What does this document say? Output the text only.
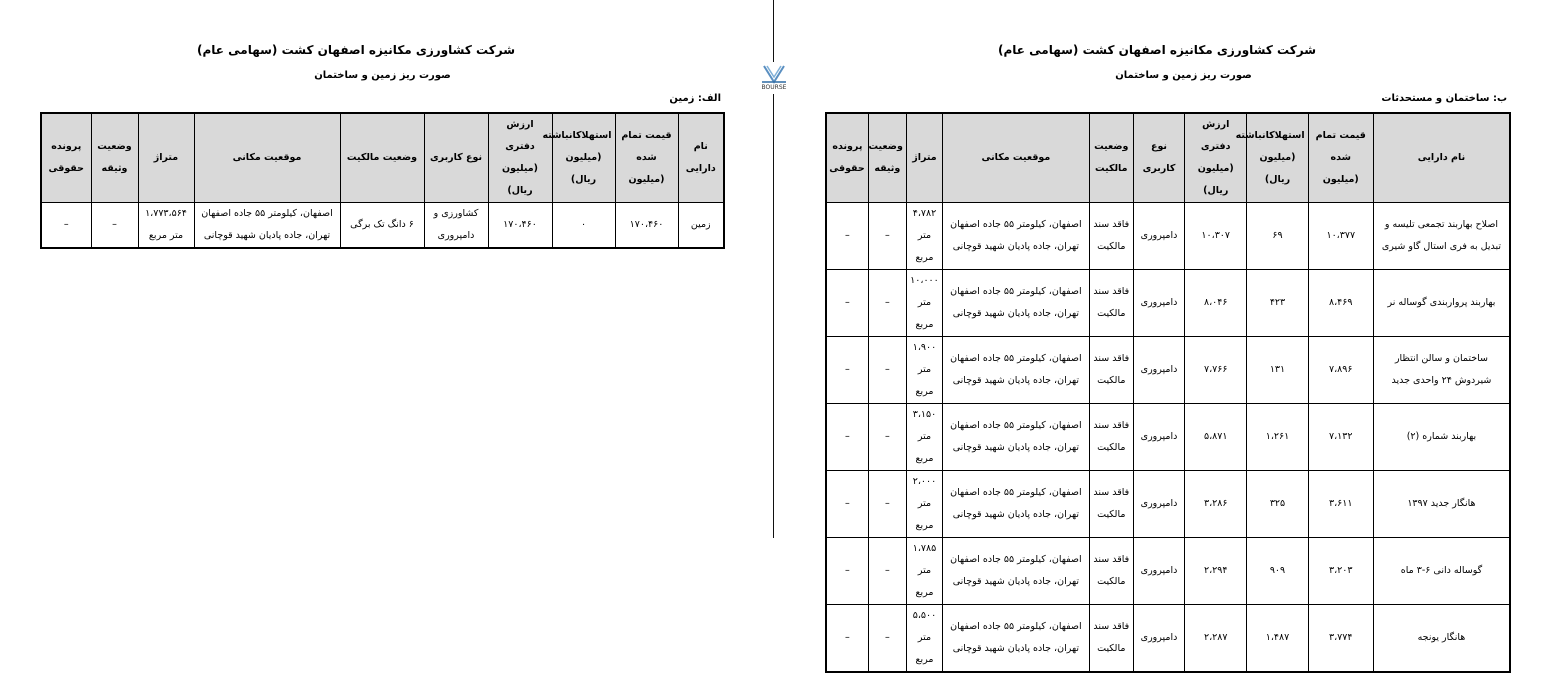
شرکت کشاورزی مکانیزه اصفهان کشت (سهامی عام)
صورت ریز زمین و ساختمان
الف: زمین
نام دارایی	قیمت تمام شده (میلیون	استهلاکانباشته (میلیون ریال)	ارزش دفتری (میلیون ریال)	نوع کاربری	وضعیت مالکیت	موقعیت مکانی	متراژ	وضعیت وثیقه	پرونده حقوقی
زمین	۱۷۰،۴۶۰	۰	۱۷۰،۴۶۰	کشاورزی و دامپروری	۶ دانگ تک برگی	اصفهان، کیلومتر ۵۵ جاده اصفهان تهران، جاده پادیان شهید قوچانی	۱،۷۷۳،۵۶۴ متر مربع	–	–
BOURSE
شرکت کشاورزی مکانیزه اصفهان کشت (سهامی عام)
صورت ریز زمین و ساختمان
ب: ساختمان و مستحدثات
نام دارایی	قیمت تمام شده (میلیون	استهلاکانباشته (میلیون ریال)	ارزش دفتری (میلیون ریال)	نوع کاربری	وضعیت مالکیت	موقعیت مکانی	متراژ	وضعیت وثیقه	پرونده حقوقی
اصلاح بهاربند تجمعی تلیسه و تبدیل به فری استال گاو شیری	۱۰،۳۷۷	۶۹	۱۰،۳۰۷	دامپروری	فاقد سند مالکیت	اصفهان، کیلومتر ۵۵ جاده اصفهان تهران، جاده پادیان شهید قوچانی	۴،۷۸۲ متر مربع	–	–
بهاربند پرواربندی گوساله نر	۸،۴۶۹	۴۲۳	۸،۰۴۶	دامپروری	فاقد سند مالکیت	اصفهان، کیلومتر ۵۵ جاده اصفهان تهران، جاده پادیان شهید قوچانی	۱۰،۰۰۰ متر مربع	–	–
ساختمان و سالن انتظار شیردوش ۲۴ واحدی جدید	۷،۸۹۶	۱۳۱	۷،۷۶۶	دامپروری	فاقد سند مالکیت	اصفهان، کیلومتر ۵۵ جاده اصفهان تهران، جاده پادیان شهید قوچانی	۱،۹۰۰ متر مربع	–	–
بهاربند شماره (۲)	۷،۱۳۲	۱،۲۶۱	۵،۸۷۱	دامپروری	فاقد سند مالکیت	اصفهان، کیلومتر ۵۵ جاده اصفهان تهران، جاده پادیان شهید قوچانی	۳،۱۵۰ متر مربع	–	–
هانگار جدید ۱۳۹۷	۳،۶۱۱	۳۲۵	۳،۲۸۶	دامپروری	فاقد سند مالکیت	اصفهان، کیلومتر ۵۵ جاده اصفهان تهران، جاده پادیان شهید قوچانی	۲،۰۰۰ متر مربع	–	–
گوساله دانی ۶-۳ ماه	۳،۲۰۳	۹۰۹	۲،۲۹۴	دامپروری	فاقد سند مالکیت	اصفهان، کیلومتر ۵۵ جاده اصفهان تهران، جاده پادیان شهید قوچانی	۱،۷۸۵ متر مربع	–	–
هانگار یونجه	۳،۷۷۴	۱،۴۸۷	۲،۲۸۷	دامپروری	فاقد سند مالکیت	اصفهان، کیلومتر ۵۵ جاده اصفهان تهران، جاده پادیان شهید قوچانی	۵،۵۰۰ متر مربع	–	–
